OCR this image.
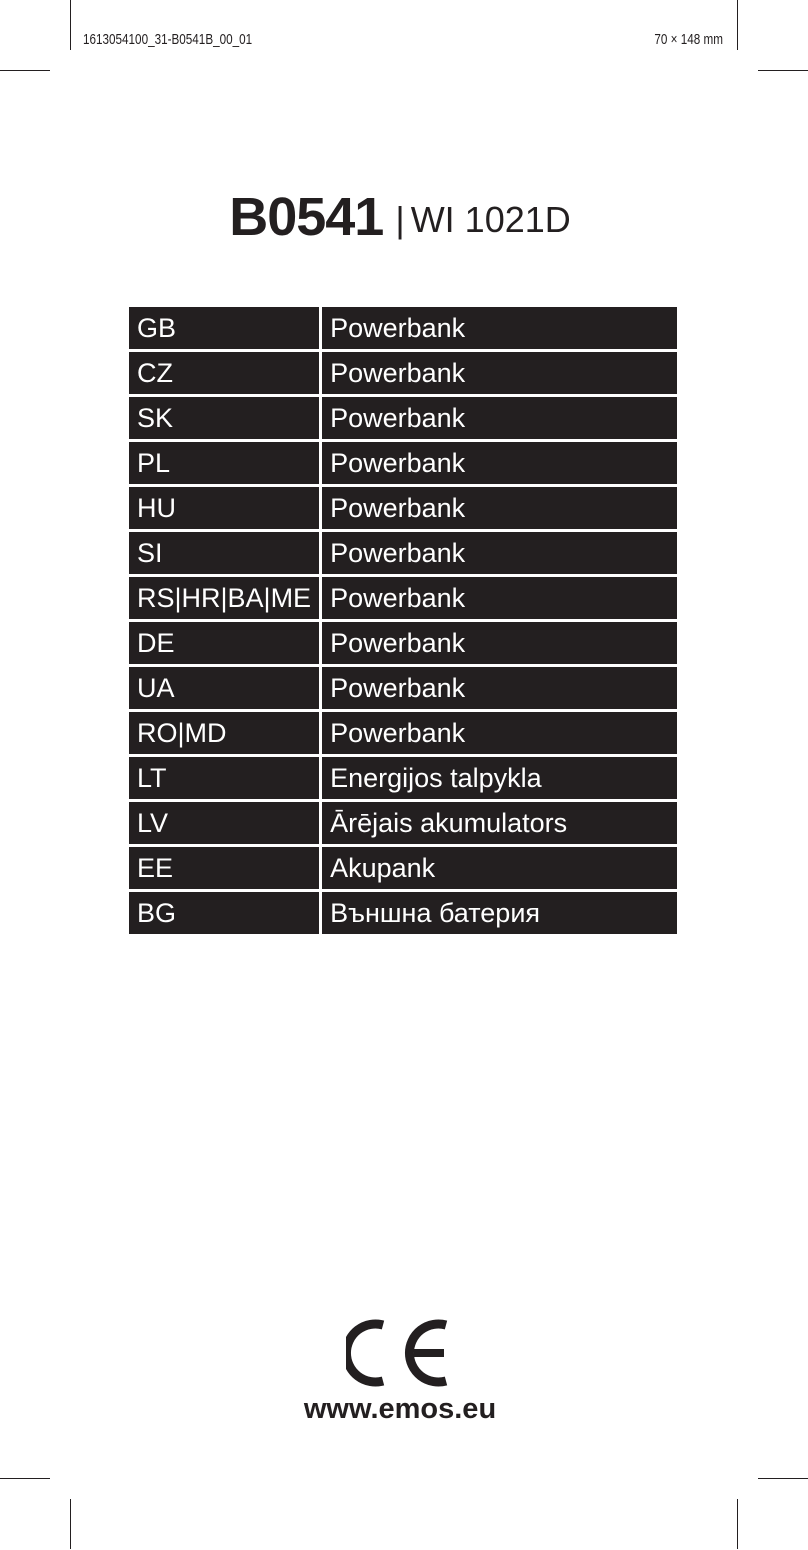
1613054100_31-B0541B_00_01	70 × 148 mm
B0541 | WI 1021D
GB	Powerbank
CZ	Powerbank
SK	Powerbank
PL	Powerbank
HU	Powerbank
SI	Powerbank
RS|HR|BA|ME	Powerbank
DE	Powerbank
UA	Powerbank
RO|MD	Powerbank
LT	Energijos talpykla
LV	Ārējais akumulators
EE	Akupank
BG	Външна батерия
www.emos.eu
